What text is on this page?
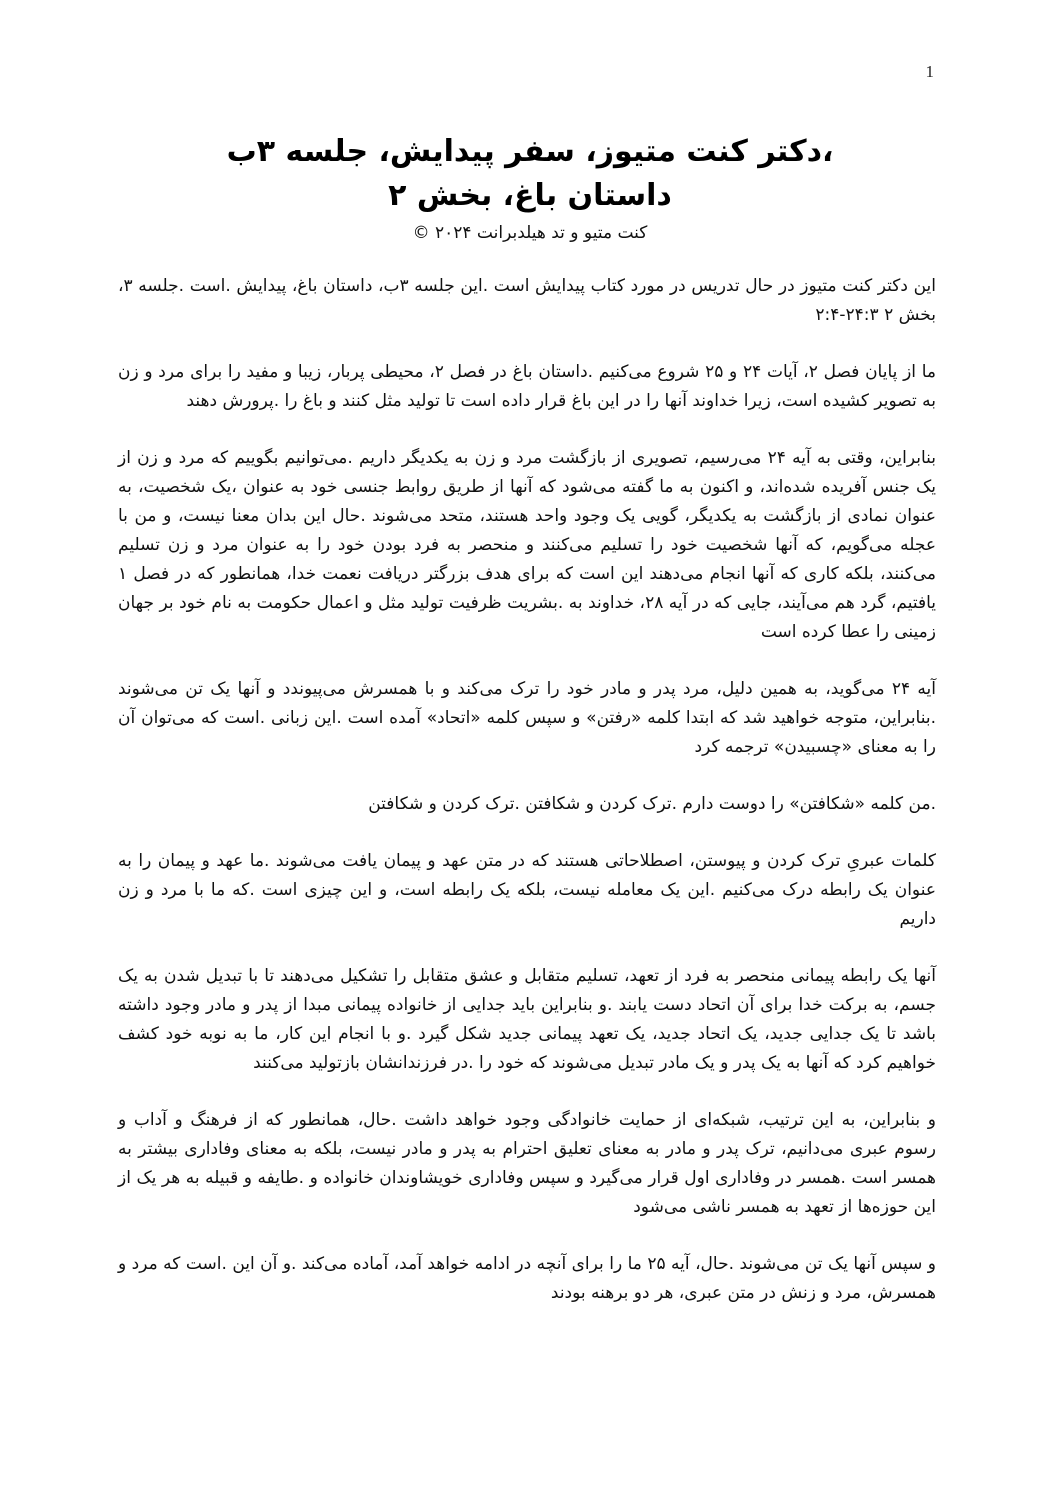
1
،دکتر کنت متیوز، سفر پیدایش، جلسه ۳ب
داستان باغ، بخش ۲
کنت متیو و تد هیلدبرانت ۲۰۲۴ ©

این دکتر کنت متیوز در حال تدریس در مورد کتاب پیدایش است .این جلسه ۳ب، داستان باغ، پیدایش .است .جلسه ۳، بخش ۲ ۲۴:۳-۲:۴

ما از پایان فصل ۲، آیات ۲۴ و ۲۵ شروع می‌کنیم .داستان باغ در فصل ۲، محیطی پربار، زیبا و مفید را برای مرد و زن به تصویر کشیده است، زیرا خداوند آنها را در این باغ قرار داده است تا تولید مثل کنند و باغ را .پرورش دهند

بنابراین، وقتی به آیه ۲۴ می‌رسیم، تصویری از بازگشت مرد و زن به یکدیگر داریم .می‌توانیم بگوییم که مرد و زن از یک جنس آفریده شده‌اند، و اکنون به ما گفته می‌شود که آنها از طریق روابط جنسی خود به عنوان ،یک شخصیت، به عنوان نمادی از بازگشت به یکدیگر، گویی یک وجود واحد هستند، متحد می‌شوند .حال این بدان معنا نیست، و من با عجله می‌گویم، که آنها شخصیت خود را تسلیم می‌کنند و منحصر به فرد بودن خود را به عنوان مرد و زن تسلیم می‌کنند، بلکه کاری که آنها انجام می‌دهند این است که برای هدف بزرگتر دریافت نعمت خدا، همانطور که در فصل ۱ یافتیم، گرد هم می‌آیند، جایی که در آیه ۲۸، خداوند به .بشریت ظرفیت تولید مثل و اعمال حکومت به نام خود بر جهان زمینی را عطا کرده است

آیه ۲۴ می‌گوید، به همین دلیل، مرد پدر و مادر خود را ترک می‌کند و با همسرش می‌پیوندد و آنها یک تن می‌شوند .بنابراین، متوجه خواهید شد که ابتدا کلمه «رفتن» و سپس کلمه «اتحاد» آمده است .این زبانی .است که می‌توان آن را به معنای «چسبیدن» ترجمه کرد

.من کلمه «شکافتن» را دوست دارم .ترک کردن و شکافتن .ترک کردن و شکافتن

کلمات عبریِ ترک کردن و پیوستن، اصطلاحاتی هستند که در متن عهد و پیمان یافت می‌شوند .ما عهد و پیمان را به عنوان یک رابطه درک می‌کنیم .این یک معامله نیست، بلکه یک رابطه است، و این چیزی است .که ما با مرد و زن داریم

آنها یک رابطه پیمانی منحصر به فرد از تعهد، تسلیم متقابل و عشق متقابل را تشکیل می‌دهند تا با تبدیل شدن به یک جسم، به برکت خدا برای آن اتحاد دست یابند .و بنابراین باید جدایی از خانواده پیمانی مبدا از پدر و مادر وجود داشته باشد تا یک جدایی جدید، یک اتحاد جدید، یک تعهد پیمانی جدید شکل گیرد .و با انجام این کار، ما به نوبه خود کشف خواهیم کرد که آنها به یک پدر و یک مادر تبدیل می‌شوند که خود را .در فرزندانشان بازتولید می‌کنند

و بنابراین، به این ترتیب، شبکه‌ای از حمایت خانوادگی وجود خواهد داشت .حال، همانطور که از فرهنگ و آداب و رسوم عبری می‌دانیم، ترک پدر و مادر به معنای تعلیق احترام به پدر و مادر نیست، بلکه به معنای وفاداری بیشتر به همسر است .همسر در وفاداری اول قرار می‌گیرد و سپس وفاداری خویشاوندان خانواده و .طایفه و قبیله به هر یک از این حوزه‌ها از تعهد به همسر ناشی می‌شود

و سپس آنها یک تن می‌شوند .حال، آیه ۲۵ ما را برای آنچه در ادامه خواهد آمد، آماده می‌کند .و آن این .است که مرد و همسرش، مرد و زنش در متن عبری، هر دو برهنه بودند
